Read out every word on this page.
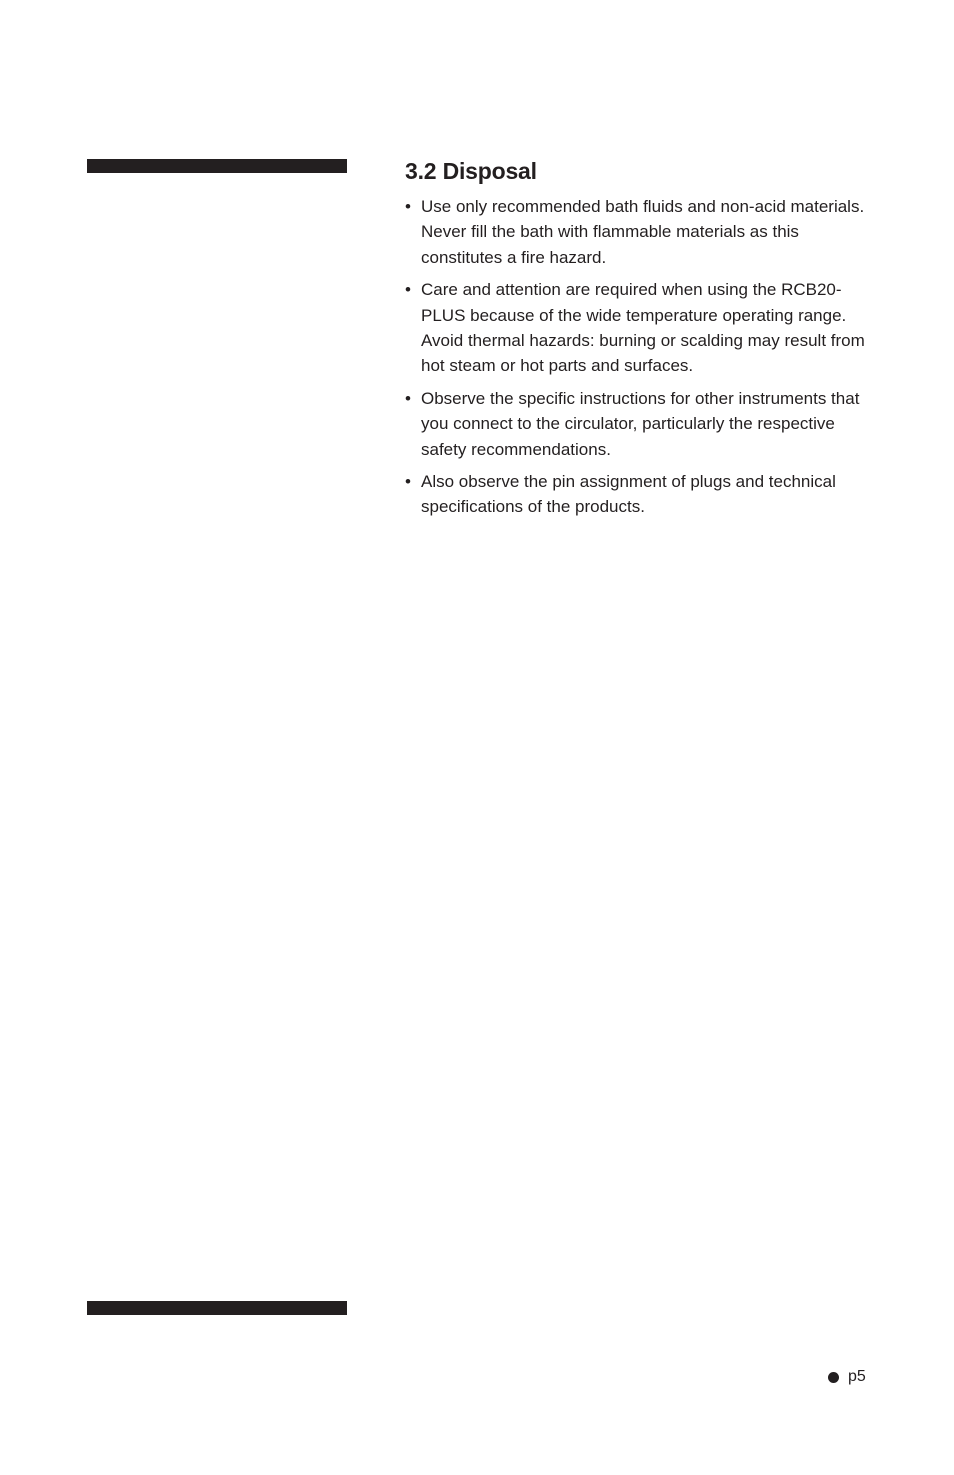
3.2 Disposal
• Use only recommended bath fluids and non-acid materials. Never fill the bath with flammable materials as this constitutes a fire hazard.
• Care and attention are required when using the RCB20-PLUS because of the wide temperature operating range. Avoid thermal hazards: burning or scalding may result from hot steam or hot parts and surfaces.
• Observe the specific instructions for other instruments that you connect to the circulator, particularly the respective safety recommendations.
• Also observe the pin assignment of plugs and technical specifications of the products.
p5
